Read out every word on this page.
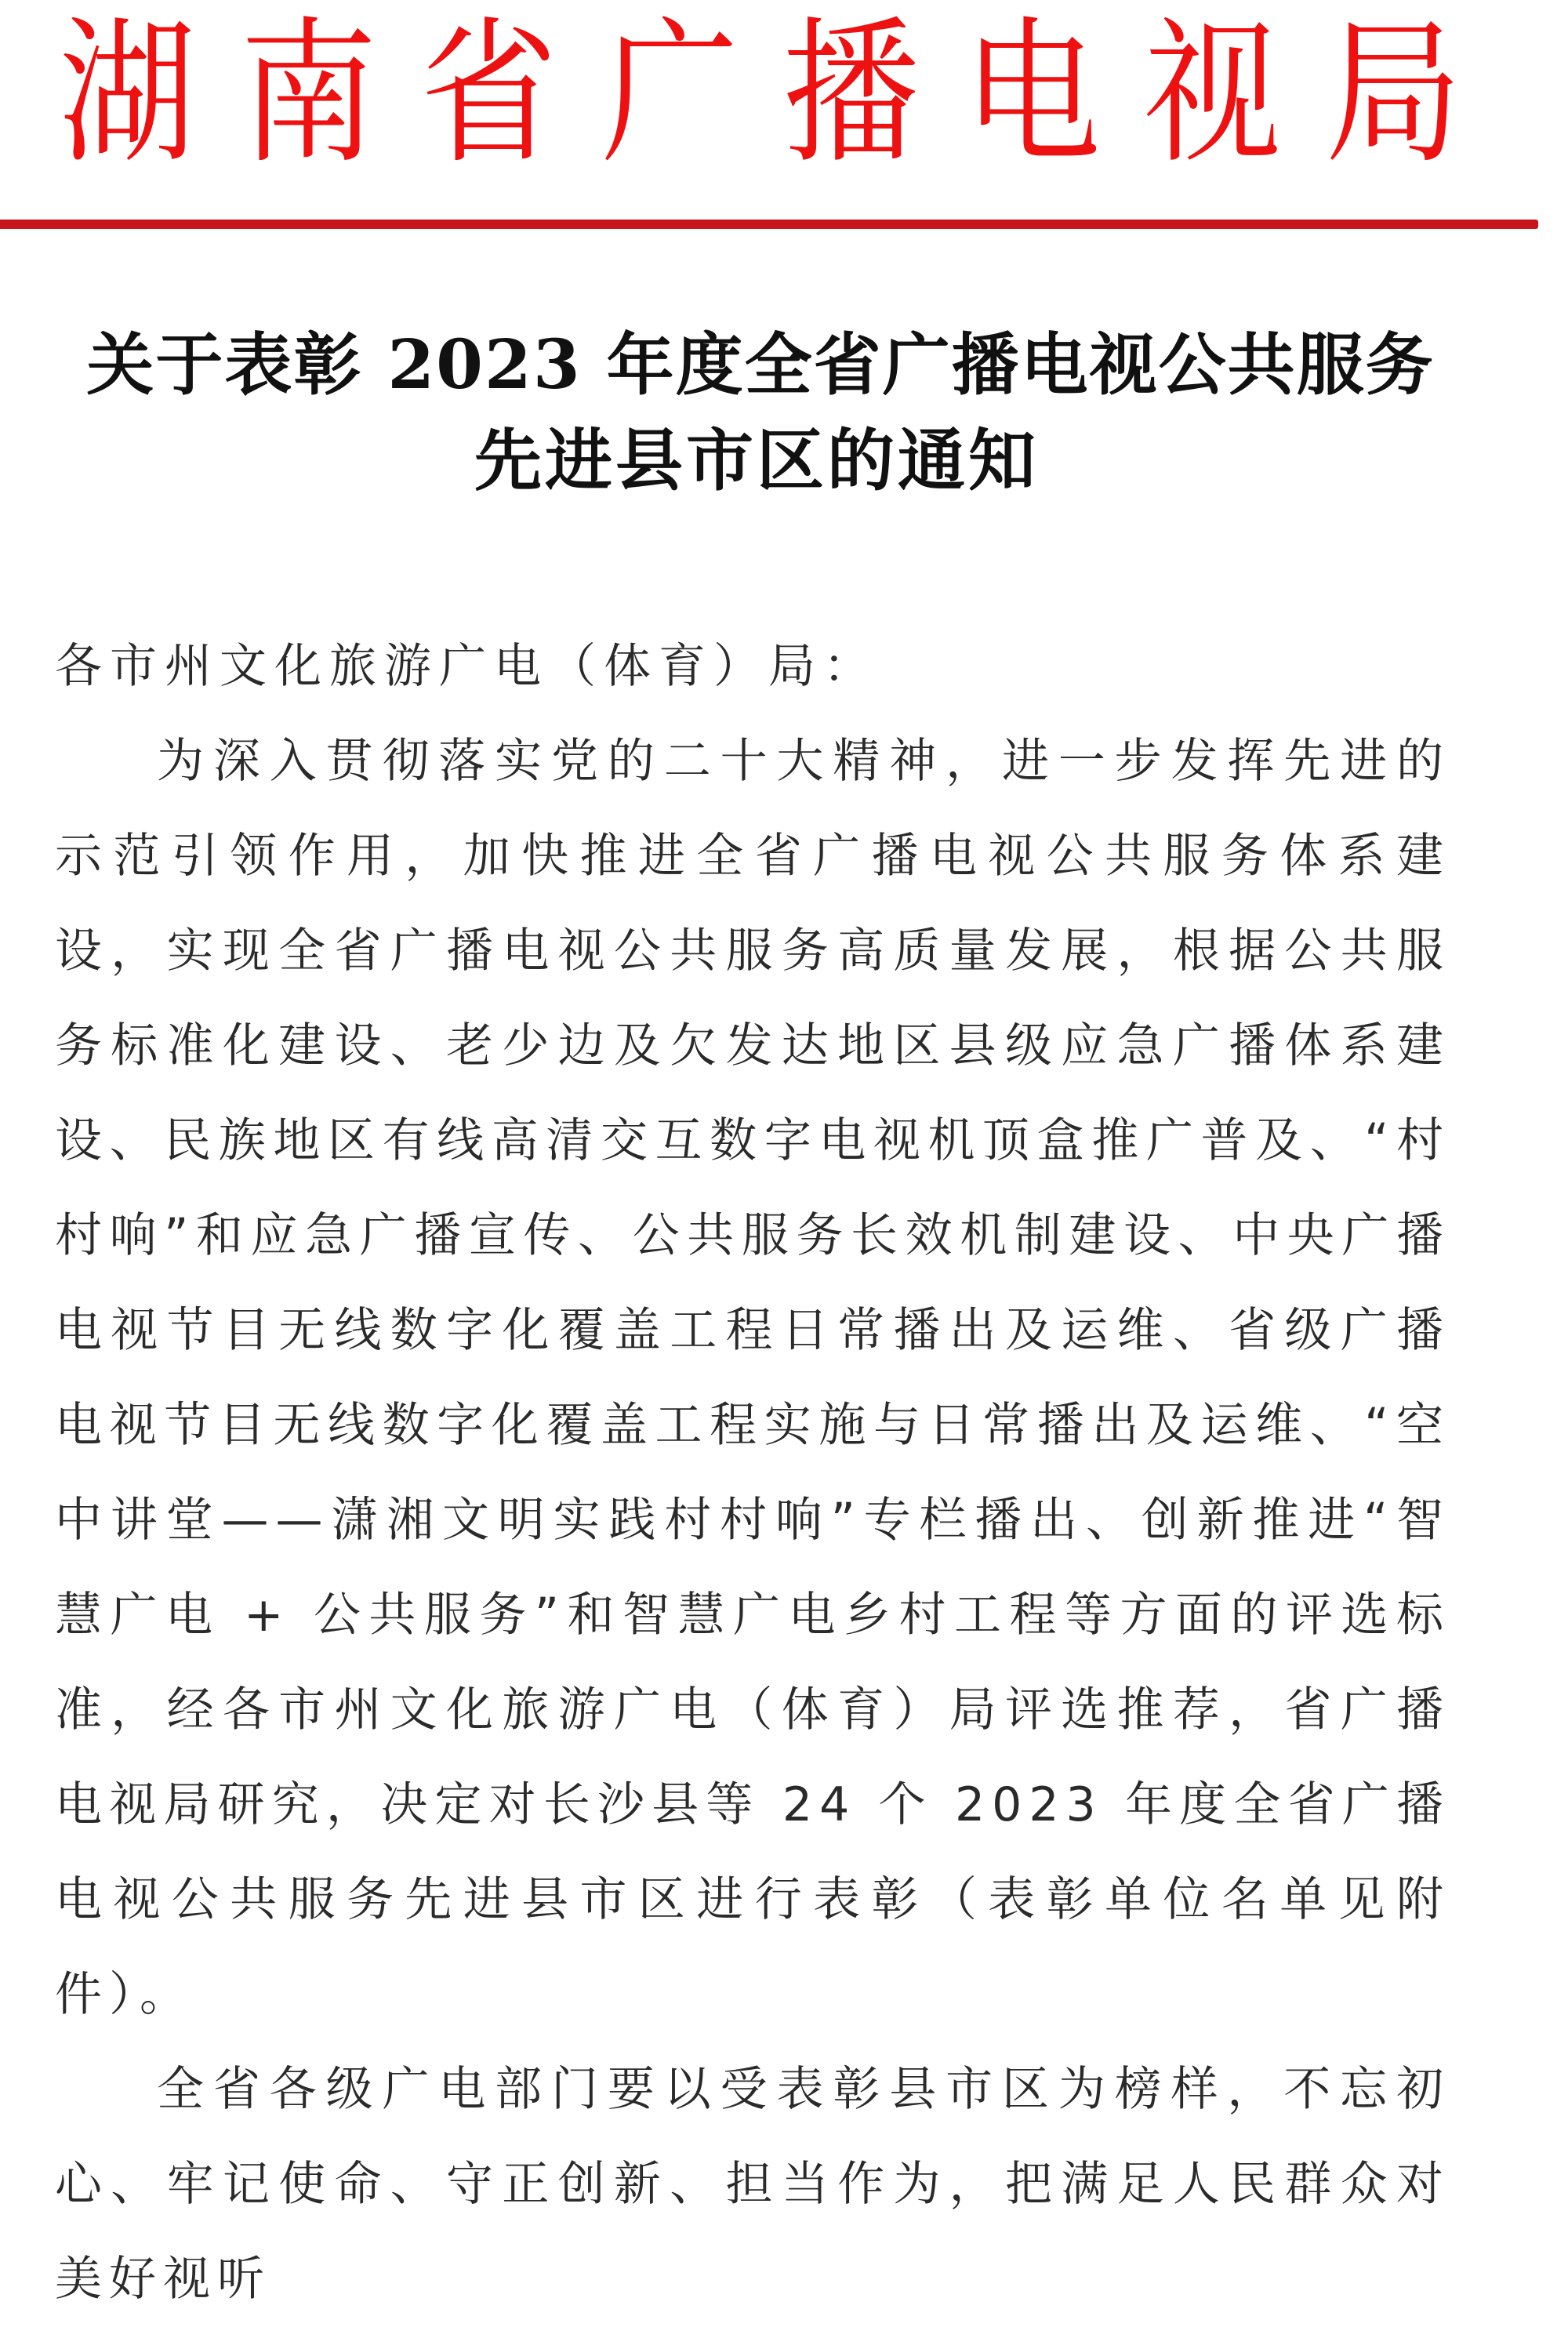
湖 南 省 广 播 电 视 局
关于表彰 2023 年度全省广播电视公共服务
先进县市区的通知
各市州文化旅游广电（体育）局：
为深入贯彻落实党的二十大精神，进一步发挥先进的示范引领作用，加快推进全省广播电视公共服务体系建设，实现全省广播电视公共服务高质量发展，根据公共服务标准化建设、老少边及欠发达地区县级应急广播体系建设、民族地区有线高清交互数字电视机顶盒推广普及、“村村响”和应急广播宣传、公共服务长效机制建设、中央广播电视节目无线数字化覆盖工程日常播出及运维、省级广播电视节目无线数字化覆盖工程实施与日常播出及运维、“空中讲堂——潇湘文明实践村村响”专栏播出、创新推进“智慧广电 + 公共服务”和智慧广电乡村工程等方面的评选标准，经各市州文化旅游广电（体育）局评选推荐，省广播电视局研究，决定对长沙县等 24 个 2023 年度全省广播电视公共服务先进县市区进行表彰（表彰单位名单见附件）。
全省各级广电部门要以受表彰县市区为榜样，不忘初心、牢记使命、守正创新、担当作为，把满足人民群众对美好视听
